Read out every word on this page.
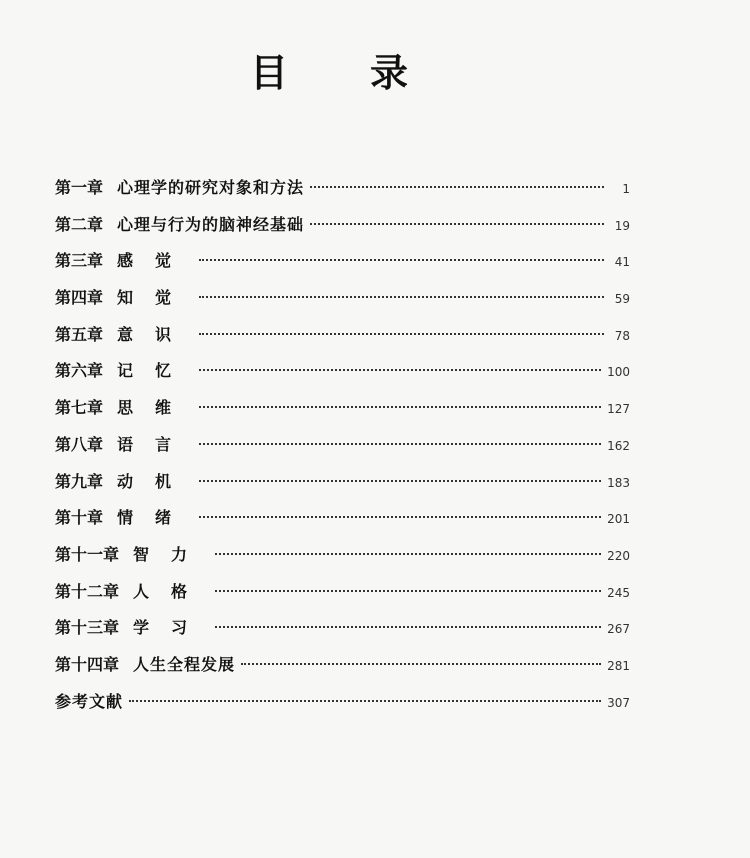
目　录
第一章 心理学的研究对象和方法	1
第二章 心理与行为的脑神经基础	19
第三章 感觉	41
第四章 知觉	59
第五章 意识	78
第六章 记忆	100
第七章 思维	127
第八章 语言	162
第九章 动机	183
第十章 情绪	201
第十一章 智力	220
第十二章 人格	245
第十三章 学习	267
第十四章 人生全程发展	281
参考文献	307
